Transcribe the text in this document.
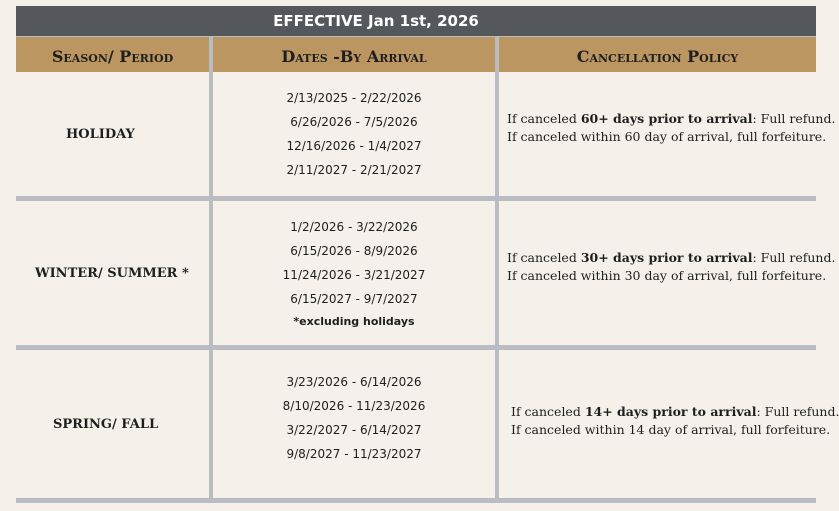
EFFECTIVE Jan 1st, 2026
Season/ Period	Dates -By Arrival	Cancellation Policy
HOLIDAY
2/13/2025 - 2/22/2026
6/26/2026 - 7/5/2026
12/16/2026 - 1/4/2027
2/11/2027 - 2/21/2027
If canceled 60+ days prior to arrival: Full refund.
If canceled within 60 day of arrival, full forfeiture.
WINTER/ SUMMER *
1/2/2026 - 3/22/2026
6/15/2026 - 8/9/2026
11/24/2026 - 3/21/2027
6/15/2027 - 9/7/2027
*excluding holidays
If canceled 30+ days prior to arrival: Full refund.
If canceled within 30 day of arrival, full forfeiture.
SPRING/ FALL
3/23/2026 - 6/14/2026
8/10/2026 - 11/23/2026
3/22/2027 - 6/14/2027
9/8/2027 - 11/23/2027
If canceled 14+ days prior to arrival: Full refund.
If canceled within 14 day of arrival, full forfeiture.
